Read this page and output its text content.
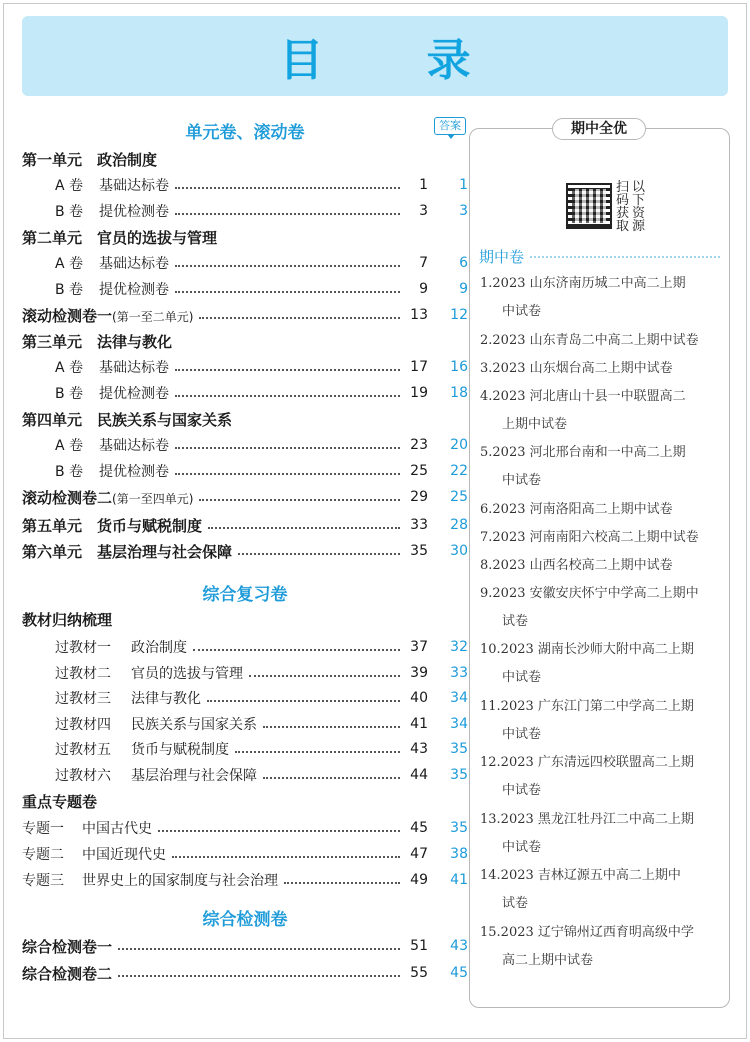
目 录
单元卷、滚动卷	答案
第一单元　政治制度
A 卷 基础达标卷	1	1
B 卷 提优检测卷	3	3
第二单元　官员的选拔与管理
A 卷 基础达标卷	7	6
B 卷 提优检测卷	9	9
滚动检测卷一(第一至二单元)	13	12
第三单元　法律与教化
A 卷 基础达标卷	17	16
B 卷 提优检测卷	19	18
第四单元　民族关系与国家关系
A 卷 基础达标卷	23	20
B 卷 提优检测卷	25	22
滚动检测卷二(第一至四单元)	29	25
第五单元　货币与赋税制度	33	28
第六单元　基层治理与社会保障	35	30
综合复习卷
教材归纳梳理
过教材一 政治制度	37	32
过教材二 官员的选拔与管理	39	33
过教材三 法律与教化	40	34
过教材四 民族关系与国家关系	41	34
过教材五 货币与赋税制度	43	35
过教材六 基层治理与社会保障	44	35
重点专题卷
专题一 中国古代史	45	35
专题二 中国近现代史	47	38
专题三 世界史上的国家制度与社会治理	49	41
综合检测卷
综合检测卷一	51	43
综合检测卷二	55	45
期中全优
扫码获取
以下资源
期中卷
1.2023 山东济南历城二中高二上期
中试卷
2.2023 山东青岛二中高二上期中试卷
3.2023 山东烟台高二上期中试卷
4.2023 河北唐山十县一中联盟高二
上期中试卷
5.2023 河北邢台南和一中高二上期
中试卷
6.2023 河南洛阳高二上期中试卷
7.2023 河南南阳六校高二上期中试卷
8.2023 山西名校高二上期中试卷
9.2023 安徽安庆怀宁中学高二上期中
试卷
10.2023 湖南长沙师大附中高二上期
中试卷
11.2023 广东江门第二中学高二上期
中试卷
12.2023 广东清远四校联盟高二上期
中试卷
13.2023 黑龙江牡丹江二中高二上期
中试卷
14.2023 吉林辽源五中高二上期中
试卷
15.2023 辽宁锦州辽西育明高级中学
高二上期中试卷
